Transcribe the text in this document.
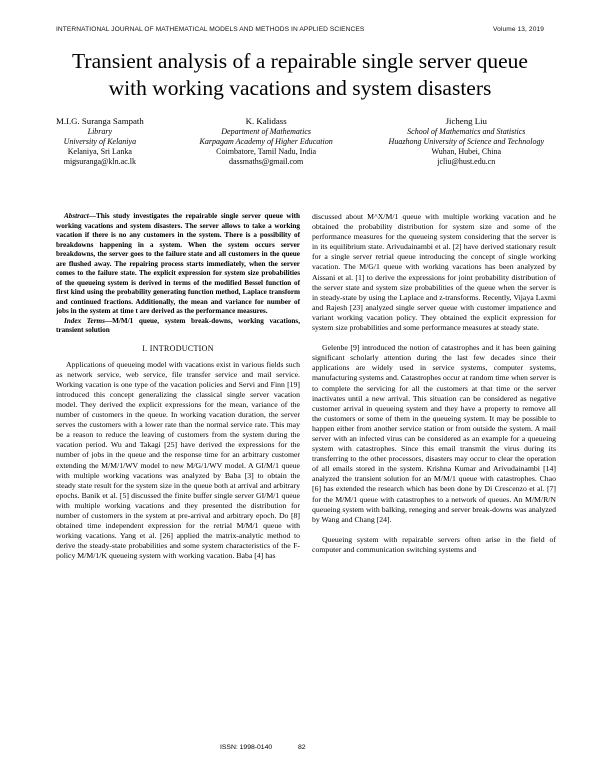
INTERNATIONAL JOURNAL OF MATHEMATICAL MODELS AND METHODS IN APPLIED SCIENCES	Volume 13, 2019
Transient analysis of a repairable single server queue with working vacations and system disasters
M.I.G. Suranga Sampath
Library
University of Kelaniya
Kelaniya, Sri Lanka
migsuranga@kln.ac.lk
K. Kalidass
Department of Mathematics
Karpagam Academy of Higher Education
Coimbatore, Tamil Nadu, India
dassmaths@gmail.com
Jicheng Liu
School of Mathematics and Statistics
Huazhong University of Science and Technology
Wuhan, Hubei, China
jcliu@hust.edu.cn

Abstract—This study investigates the repairable single server queue with working vacations and system disasters. The server allows to take a working vacation if there is no any customers in the system. There is a possibility of breakdowns happening in a system. When the system occurs server breakdowns, the server goes to the failure state and all customers in the queue are flushed away. The repairing process starts immediately, when the server comes to the failure state. The explicit expression for system size probabilities of the queueing system is derived in terms of the modified Bessel function of first kind using the probability generating function method, Laplace transform and continued fractions. Additionally, the mean and variance for number of jobs in the system at time t are derived as the performance measures.

Index Terms—M/M/1 queue, system break-downs, working vacations, transient solution

I. INTRODUCTION

Applications of queueing model with vacations exist in various fields such as network service, web service, file transfer service and mail service. Working vacation is one type of the vacation policies and Servi and Finn [19] introduced this concept generalizing the classical single server vacation model. They derived the explicit expressions for the mean, variance of the number of customers in the queue. In working vacation duration, the server serves the customers with a lower rate than the normal service rate. This may be a reason to reduce the leaving of customers from the system during the vacation period. Wu and Takagi [25] have derived the expressions for the number of jobs in the queue and the response time for an arbitrary customer extending the M/M/1/WV model to new M/G/1/WV model. A GI/M/1 queue with multiple working vacations was analyzed by Baba [3] to obtain the steady state result for the system size in the queue both at arrival and arbitrary epochs. Banik et al. [5] discussed the finite buffer single server GI/M/1 queue with multiple working vacations and they presented the distribution for number of customers in the system at pre-arrival and arbitrary epoch. Do [8] obtained time independent expression for the retrial M/M/1 queue with working vacations. Yang et al. [26] applied the matrix-analytic method to derive the steady-state probabilities and some system characteristics of the F-policy M/M/1/K queueing system with working vacation. Baba [4] has

discussed about M^X/M/1 queue with multiple working vacation and he obtained the probability distribution for system size and some of the performance measures for the queueing system considering that the server is in its equilibrium state. Arivudainambi et al. [2] have derived stationary result for a single server retrial queue introducing the concept of single working vacation. The M/G/1 queue with working vacations has been analyzed by Aissani et al. [1] to derive the expressions for joint probability distribution of the server state and system size probabilities of the queue when the server is in steady-state by using the Laplace and z-transforms. Recently, Vijaya Laxmi and Rajesh [23] analyzed single server queue with customer impatience and variant working vacation policy. They obtained the explicit expression for system size probabilities and some performance measures at steady state.

Gelenbe [9] introduced the notion of catastrophes and it has been gaining significant scholarly attention during the last few decades since their applications are widely used in service systems, computer systems, manufacturing systems and. Catastrophes occur at random time when server is to complete the servicing for all the customers at that time or the server inactivates until a new arrival. This situation can be considered as negative customer arrival in queueing system and they have a property to remove all the customers or some of them in the queueing system. It may be possible to happen either from another service station or from outside the system. A mail server with an infected virus can be considered as an example for a queueing system with catastrophes. Since this email transmit the virus during its transferring to the other processors, disasters may occur to clear the operation of all emails stored in the system. Krishna Kumar and Arivudainambi [14] analyzed the transient solution for an M/M/1 queue with catastrophes. Chao [6] has extended the research which has been done by Di Crescenzo et al. [7] for the M/M/1 queue with catastrophes to a network of queues. An M/M/R/N queueing system with balking, reneging and server break-downs was analyzed by Wang and Chang [24].

Queueing system with repairable servers often arise in the field of computer and communication switching systems and

ISSN: 1998-0140	82
